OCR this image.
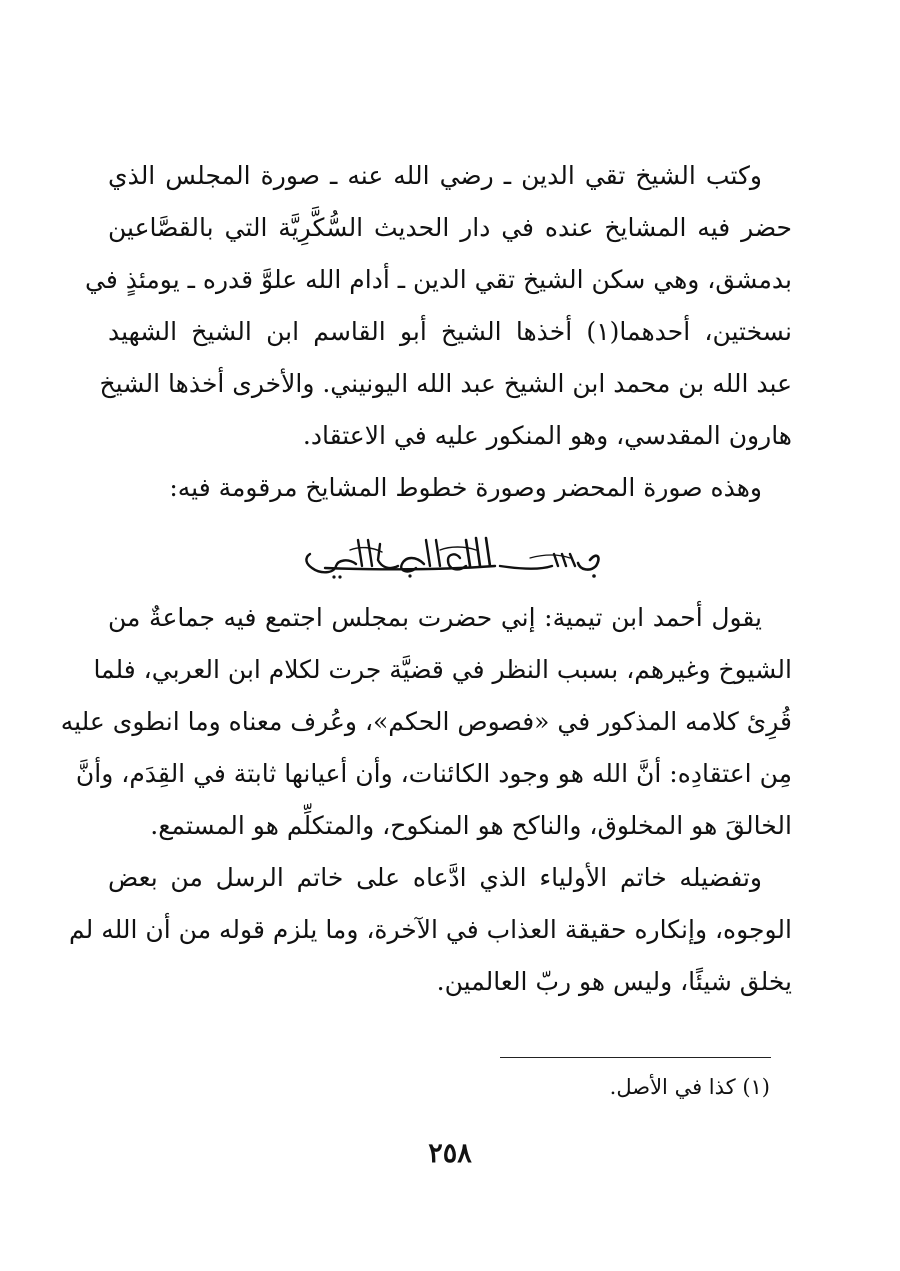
وكتب الشيخ تقي الدين ـ رضي الله عنه ـ صورة المجلس الذي
حضر فيه المشايخ عنده في دار الحديث السُّكَّرِيَّة التي بالقصَّاعين
بدمشق، وهي سكن الشيخ تقي الدين ـ أدام الله علوَّ قدره ـ يومئذٍ في
نسختين، أحدهما(١) أخذها الشيخ أبو القاسم ابن الشيخ الشهيد
عبد الله بن محمد ابن الشيخ عبد الله اليونيني. والأخرى أخذها الشيخ
هارون المقدسي، وهو المنكور عليه في الاعتقاد.
وهذه صورة المحضر وصورة خطوط المشايخ مرقومة فيه:
يقول أحمد ابن تيمية: إني حضرت بمجلس اجتمع فيه جماعةٌ من
الشيوخ وغيرهم، بسبب النظر في قضيَّة جرت لكلام ابن العربي، فلما
قُرِئ كلامه المذكور في «فصوص الحكم»، وعُرف معناه وما انطوى عليه
مِن اعتقادِه: أنَّ الله هو وجود الكائنات، وأن أعيانها ثابتة في القِدَم، وأنَّ
الخالقَ هو المخلوق، والناكح هو المنكوح، والمتكلِّم هو المستمع.
وتفضيله خاتم الأولياء الذي ادَّعاه على خاتم الرسل من بعض
الوجوه، وإنكاره حقيقة العذاب في الآخرة، وما يلزم قوله من أن الله لم
يخلق شيئًا، وليس هو ربّ العالمين.
(١) كذا في الأصل.
٢٥٨
